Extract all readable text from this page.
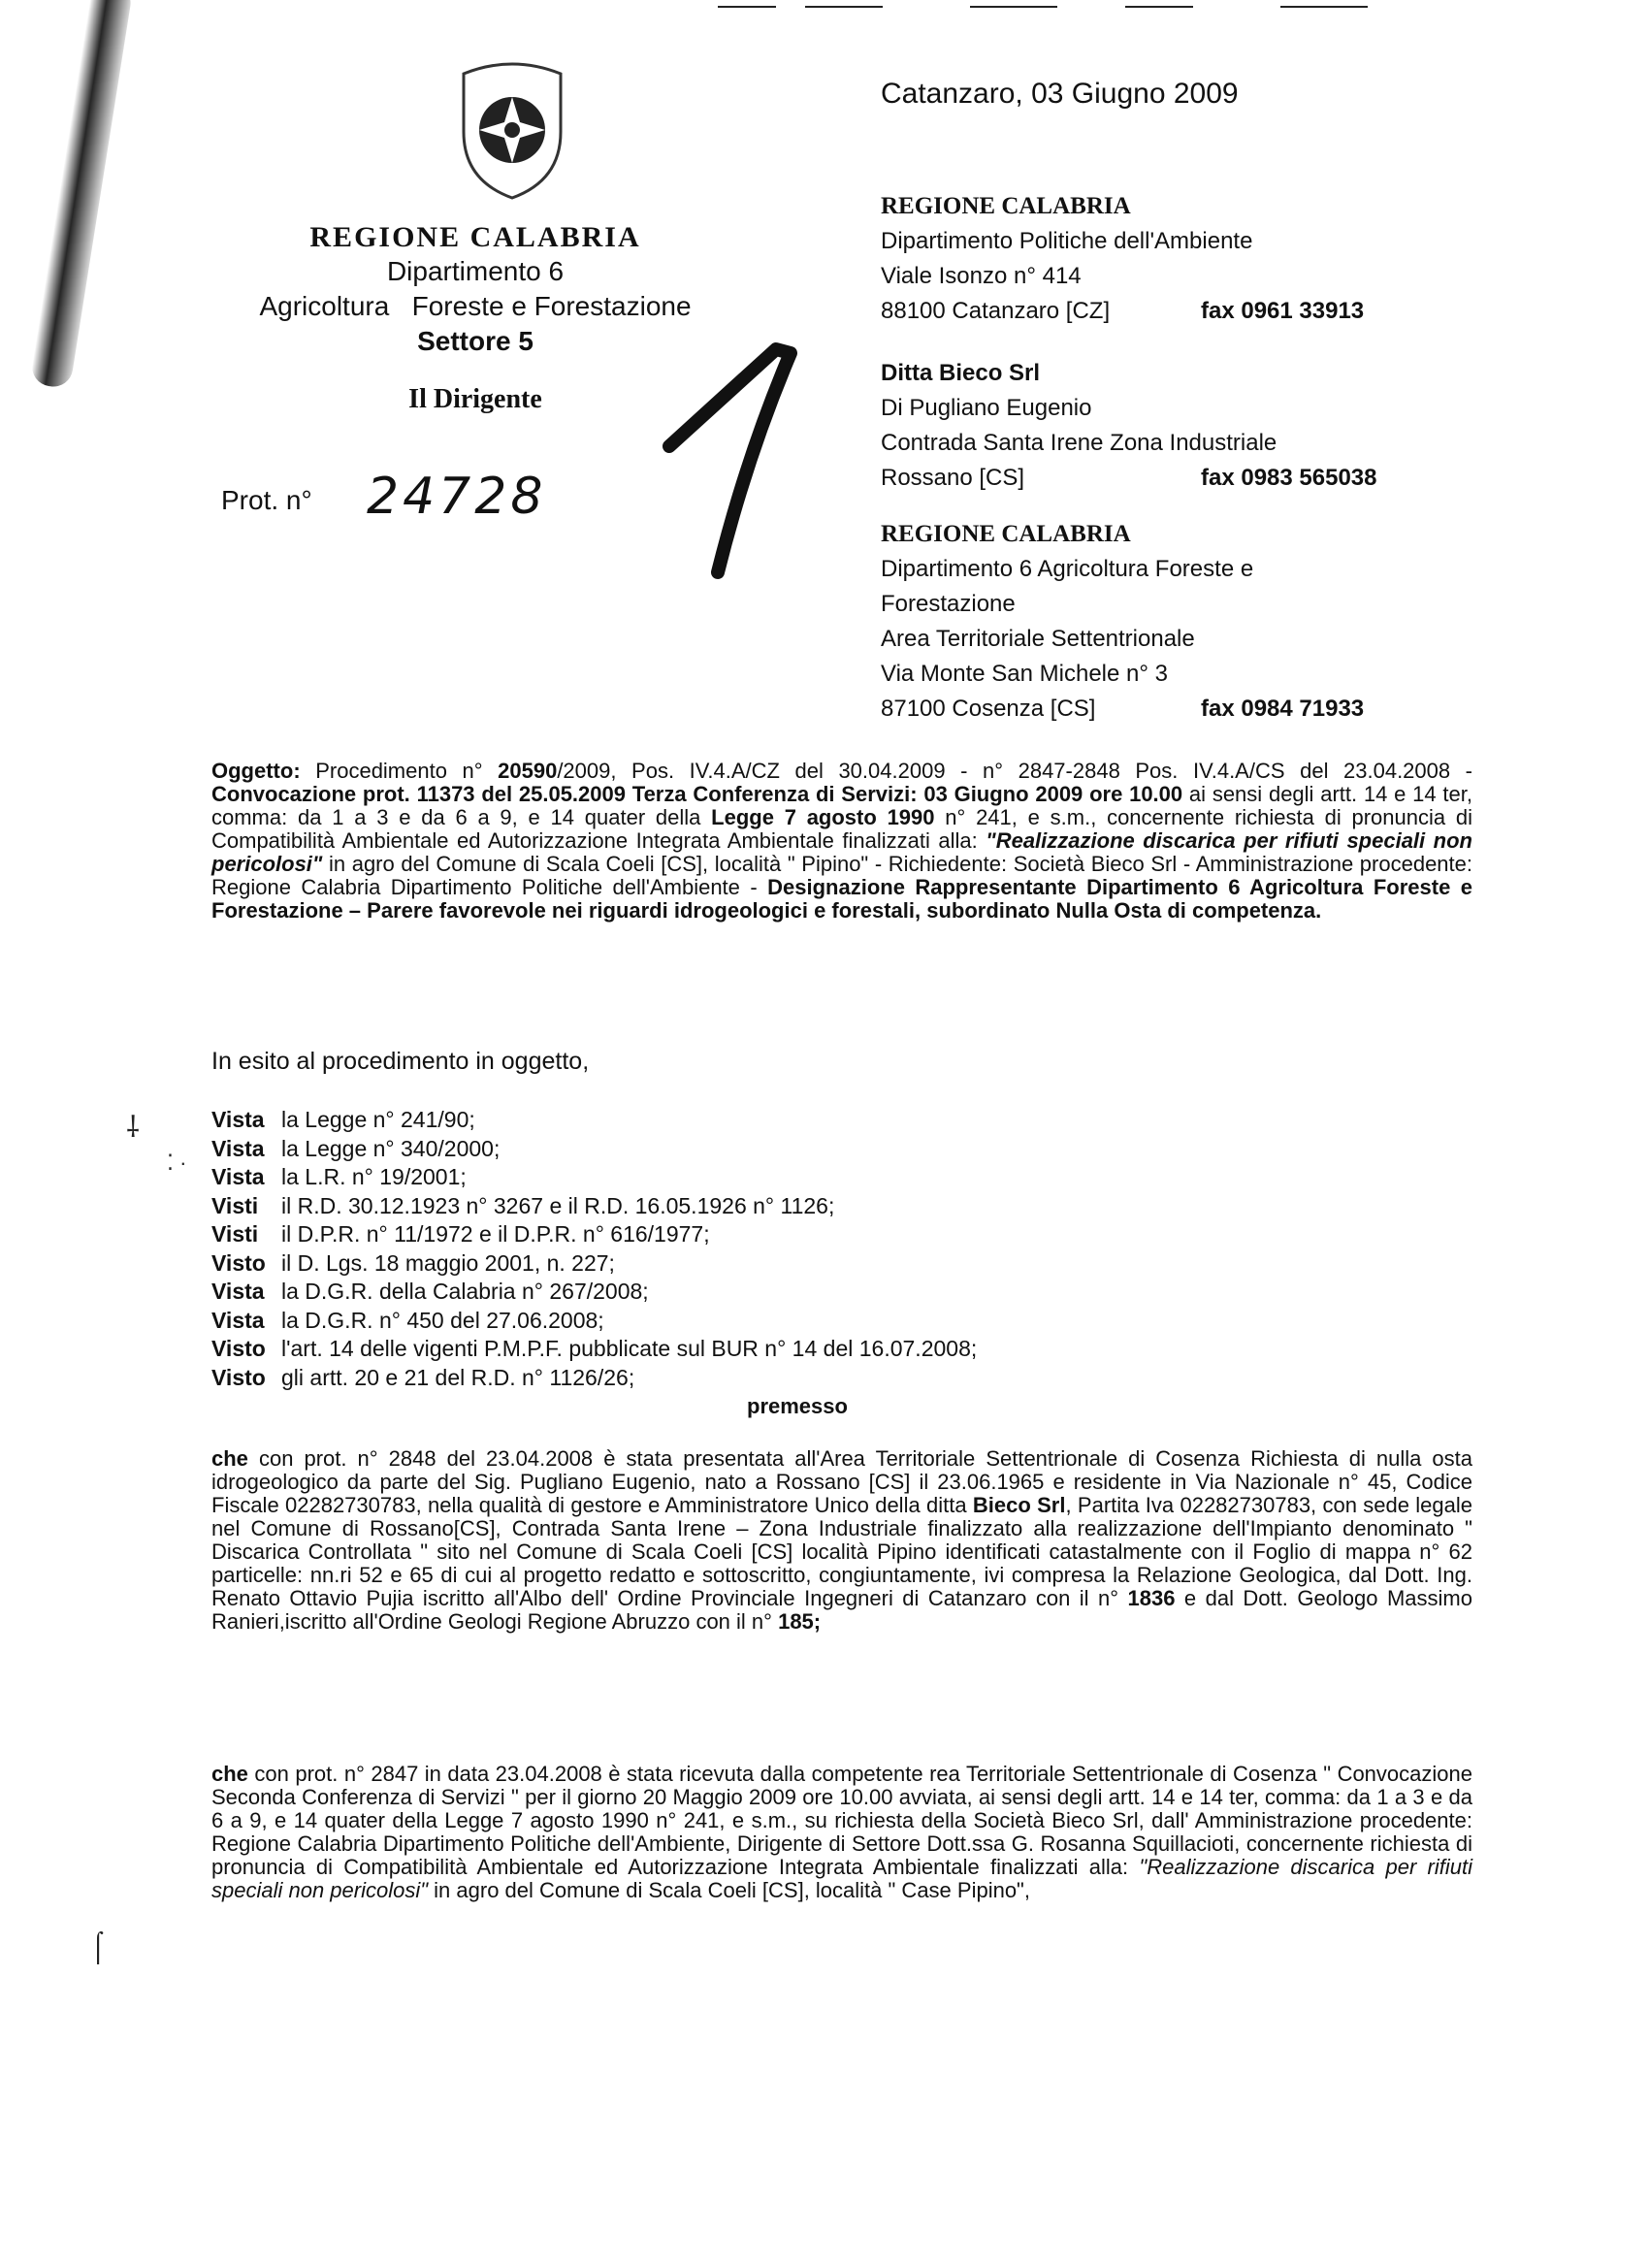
REGIONE CALABRIA
Dipartimento 6
Agricoltura   Foreste e Forestazione
Settore 5
Il Dirigente
Prot. n° 24728
Catanzaro, 03 Giugno 2009
REGIONE CALABRIA
Dipartimento Politiche dell'Ambiente
Viale Isonzo n° 414
88100 Catanzaro [CZ]	fax 0961 33913
Ditta Bieco Srl
Di Pugliano Eugenio
Contrada Santa Irene Zona Industriale
Rossano [CS]	fax 0983 565038
REGIONE CALABRIA
Dipartimento 6 Agricoltura Foreste e
Forestazione
Area Territoriale Settentrionale
Via Monte San Michele n° 3
87100 Cosenza [CS]	fax 0984 71933
Oggetto: Procedimento n° 20590/2009, Pos. IV.4.A/CZ del 30.04.2009 - n° 2847-2848 Pos. IV.4.A/CS del 23.04.2008 - Convocazione prot. 11373 del 25.05.2009 Terza Conferenza di Servizi: 03 Giugno 2009 ore 10.00 ai sensi degli artt. 14 e 14 ter, comma: da 1 a 3 e da 6 a 9, e 14 quater della Legge 7 agosto 1990 n° 241, e s.m., concernente richiesta di pronuncia di Compatibilità Ambientale ed Autorizzazione Integrata Ambientale finalizzati alla: "Realizzazione discarica per rifiuti speciali non pericolosi" in agro del Comune di Scala Coeli [CS], località " Pipino" - Richiedente: Società Bieco Srl - Amministrazione procedente: Regione Calabria Dipartimento Politiche dell'Ambiente - Designazione Rappresentante Dipartimento 6 Agricoltura Foreste e Forestazione – Parere favorevole nei riguardi idrogeologici e forestali, subordinato Nulla Osta di competenza.
In esito al procedimento in oggetto,
⸸
⁚ ·
⌠
Vista la Legge n° 241/90;
Vista la Legge n° 340/2000;
Vista la L.R. n° 19/2001;
Visti il R.D. 30.12.1923 n° 3267 e il R.D. 16.05.1926 n° 1126;
Visti il D.P.R. n° 11/1972 e il D.P.R. n° 616/1977;
Visto il D. Lgs. 18 maggio 2001, n. 227;
Vista la D.G.R. della Calabria n° 267/2008;
Vista la D.G.R. n° 450 del 27.06.2008;
Visto l'art. 14 delle vigenti P.M.P.F. pubblicate sul BUR n° 14 del 16.07.2008;
Visto gli artt. 20 e 21 del R.D. n° 1126/26;
premesso
che con prot. n° 2848 del 23.04.2008 è stata presentata all'Area Territoriale Settentrionale di Cosenza Richiesta di nulla osta idrogeologico da parte del Sig. Pugliano Eugenio, nato a Rossano [CS] il 23.06.1965 e residente in Via Nazionale n° 45, Codice Fiscale 02282730783, nella qualità di gestore e Amministratore Unico della ditta Bieco Srl, Partita Iva 02282730783, con sede legale nel Comune di Rossano[CS], Contrada Santa Irene – Zona Industriale finalizzato alla realizzazione dell'Impianto denominato " Discarica Controllata " sito nel Comune di Scala Coeli [CS] località Pipino identificati catastalmente con il Foglio di mappa n° 62 particelle: nn.ri 52 e 65 di cui al progetto redatto e sottoscritto, congiuntamente, ivi compresa la Relazione Geologica, dal Dott. Ing. Renato Ottavio Pujia iscritto all'Albo dell' Ordine Provinciale Ingegneri di Catanzaro con il n° 1836 e dal Dott. Geologo Massimo Ranieri,iscritto all'Ordine Geologi Regione Abruzzo con il n° 185;
che con prot. n° 2847 in data 23.04.2008 è stata ricevuta dalla competente rea Territoriale Settentrionale di Cosenza " Convocazione Seconda Conferenza di Servizi " per il giorno 20 Maggio 2009 ore 10.00 avviata, ai sensi degli artt. 14 e 14 ter, comma: da 1 a 3 e da 6 a 9, e 14 quater della Legge 7 agosto 1990 n° 241, e s.m., su richiesta della Società Bieco Srl, dall' Amministrazione procedente: Regione Calabria Dipartimento Politiche dell'Ambiente, Dirigente di Settore Dott.ssa G. Rosanna Squillacioti, concernente richiesta di pronuncia di Compatibilità Ambientale ed Autorizzazione Integrata Ambientale finalizzati alla: "Realizzazione discarica per rifiuti speciali non pericolosi" in agro del Comune di Scala Coeli [CS], località " Case Pipino",
